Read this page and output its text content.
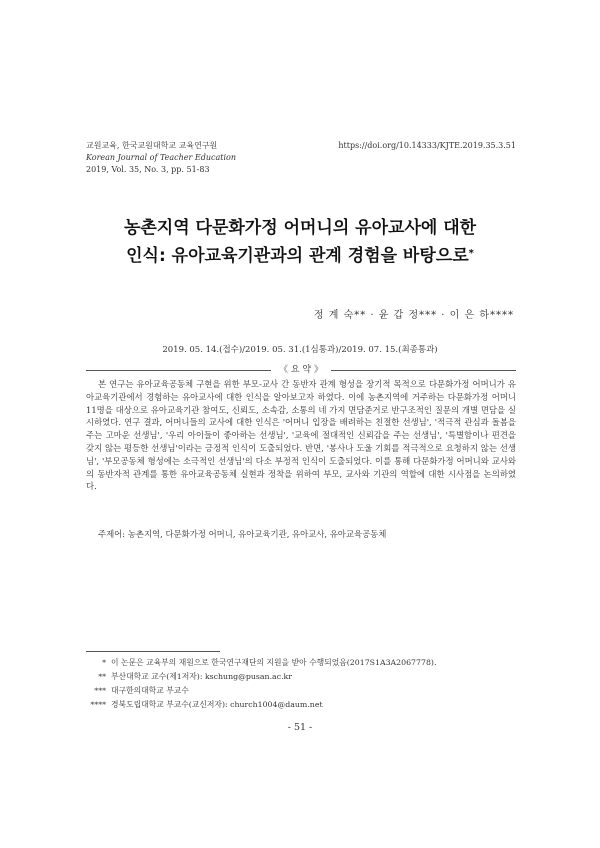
교원교육, 한국교원대학교 교육연구원	https://doi.org/10.14333/KJTE.2019.35.3.51
Korean Journal of Teacher Education
2019, Vol. 35, No. 3, pp. 51-83
농촌지역 다문화가정 어머니의 유아교사에 대한
인식: 유아교육기관과의 관계 경험을 바탕으로*
정 계 숙** · 윤 갑 정*** · 이 은 하****
2019. 05. 14.(접수)/2019. 05. 31.(1심통과)/2019. 07. 15.(최종통과)
《 요 약 》

본 연구는 유아교육공동체 구현을 위한 부모-교사 간 동반자 관계 형성을 장기적 목적으로 다문화가정 어머니가 유아교육기관에서 경험하는 유아교사에 대한 인식을 알아보고자 하였다. 이에 농촌지역에 거주하는 다문화가정 어머니 11명을 대상으로 유아교육기관 참여도, 신뢰도, 소속감, 소통의 네 가지 면담준거로 반구조적인 질문의 개별 면담을 실시하였다. 연구 결과, 어머니들의 교사에 대한 인식은 '어머니 입장을 배려하는 친절한 선생님', '적극적 관심과 돌봄을 주는 고마운 선생님', '우리 아이들이 좋아하는 선생님', '교육에 절대적인 신뢰감을 주는 선생님', '특별함이나 편견을 갖지 않는 평등한 선생님'이라는 긍정적 인식이 도출되었다. 반면, '봉사나 도울 기회를 적극적으로 요청하지 않는 선생님', '부모공동체 형성에는 소극적인 선생님'의 다소 부정적 인식이 도출되었다. 이를 통해 다문화가정 어머니와 교사와의 동반자적 관계를 통한 유아교육공동체 실현과 정착을 위하여 부모, 교사와 기관의 역할에 대한 시사점을 논의하였다.

주제어: 농촌지역, 다문화가정 어머니, 유아교육기관, 유아교사, 유아교육공동체
* 이 논문은 교육부의 재원으로 한국연구재단의 지원을 받아 수행되었음(2017S1A3A2067778).
** 부산대학교 교수(제1저자): kschung@pusan.ac.kr
*** 대구한의대학교 부교수
**** 경북도립대학교 부교수(교신저자): church1004@daum.net
- 51 -
